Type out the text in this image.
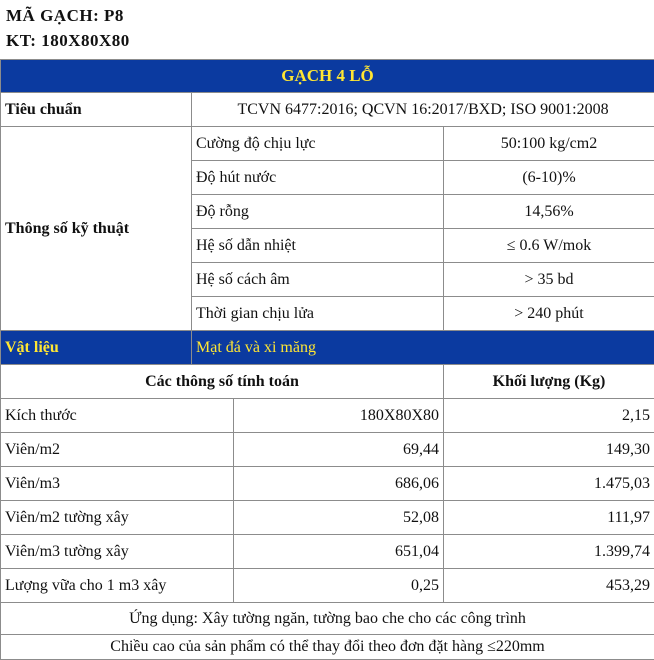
MÃ GẠCH: P8
KT: 180X80X80
GẠCH 4 LỖ			
Tiêu chuẩn	TCVN 6477:2016; QCVN 16:2017/BXD; ISO 9001:2008		
Thông số kỹ thuật	Cường độ chịu lực		50:100 kg/cm2
	Độ hút nước		(6-10)%
	Độ rỗng		14,56%
	Hệ số dẫn nhiệt		≤ 0.6 W/mok
	Hệ số cách âm		> 35 bd
	Thời gian chịu lửa		> 240 phút
Vật liệu	Mạt đá và xi măng		
Các thông số tính toán			Khối lượng (Kg)
Kích thước		180X80X80	2,15
Viên/m2		69,44	149,30
Viên/m3		686,06	1.475,03
Viên/m2 tường xây		52,08	111,97
Viên/m3 tường xây		651,04	1.399,74
Lượng vữa cho 1 m3 xây		0,25	453,29
Ứng dụng: Xây tường ngăn, tường bao che cho các công trình			
Chiều cao của sản phẩm có thể thay đổi theo đơn đặt hàng ≤220mm			
